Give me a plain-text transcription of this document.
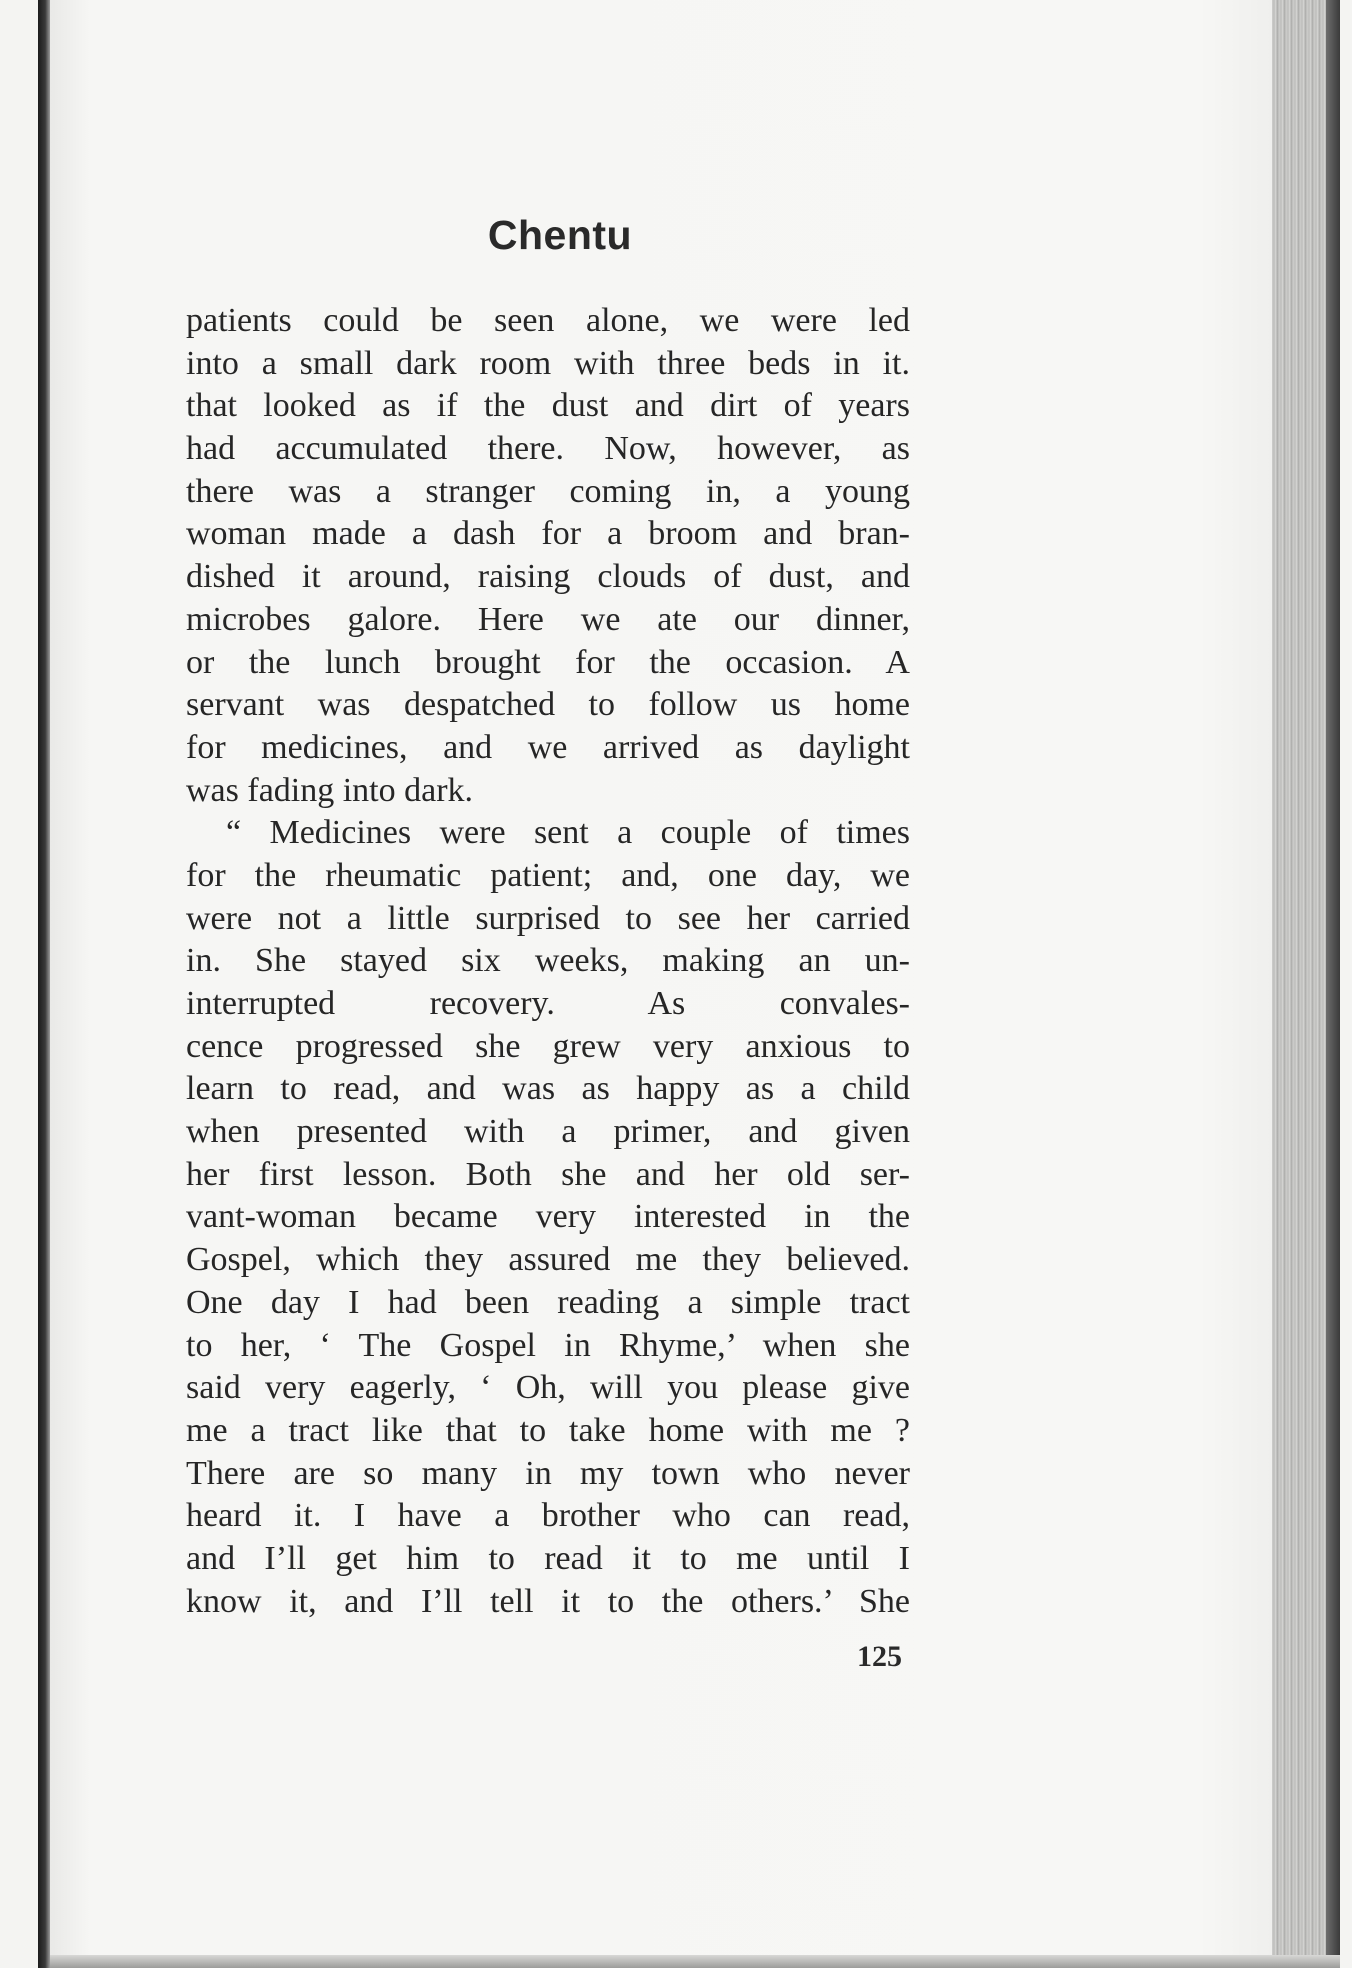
Chentu
patients could be seen alone, we were led
into a small dark room with three beds in it.
that looked as if the dust and dirt of years
had accumulated there. Now, however, as
there was a stranger coming in, a young
woman made a dash for a broom and bran-
dished it around, raising clouds of dust, and
microbes galore. Here we ate our dinner,
or the lunch brought for the occasion. A
servant was despatched to follow us home
for medicines, and we arrived as daylight
was fading into dark.
“ Medicines were sent a couple of times
for the rheumatic patient; and, one day, we
were not a little surprised to see her carried
in. She stayed six weeks, making an un-
interrupted recovery. As convales-
cence progressed she grew very anxious to
learn to read, and was as happy as a child
when presented with a primer, and given
her first lesson. Both she and her old ser-
vant-woman became very interested in the
Gospel, which they assured me they believed.
One day I had been reading a simple tract
to her, ‘ The Gospel in Rhyme,’ when she
said very eagerly, ‘ Oh, will you please give
me a tract like that to take home with me ?
There are so many in my town who never
heard it. I have a brother who can read,
and I’ll get him to read it to me until I
know it, and I’ll tell it to the others.’ She
125
